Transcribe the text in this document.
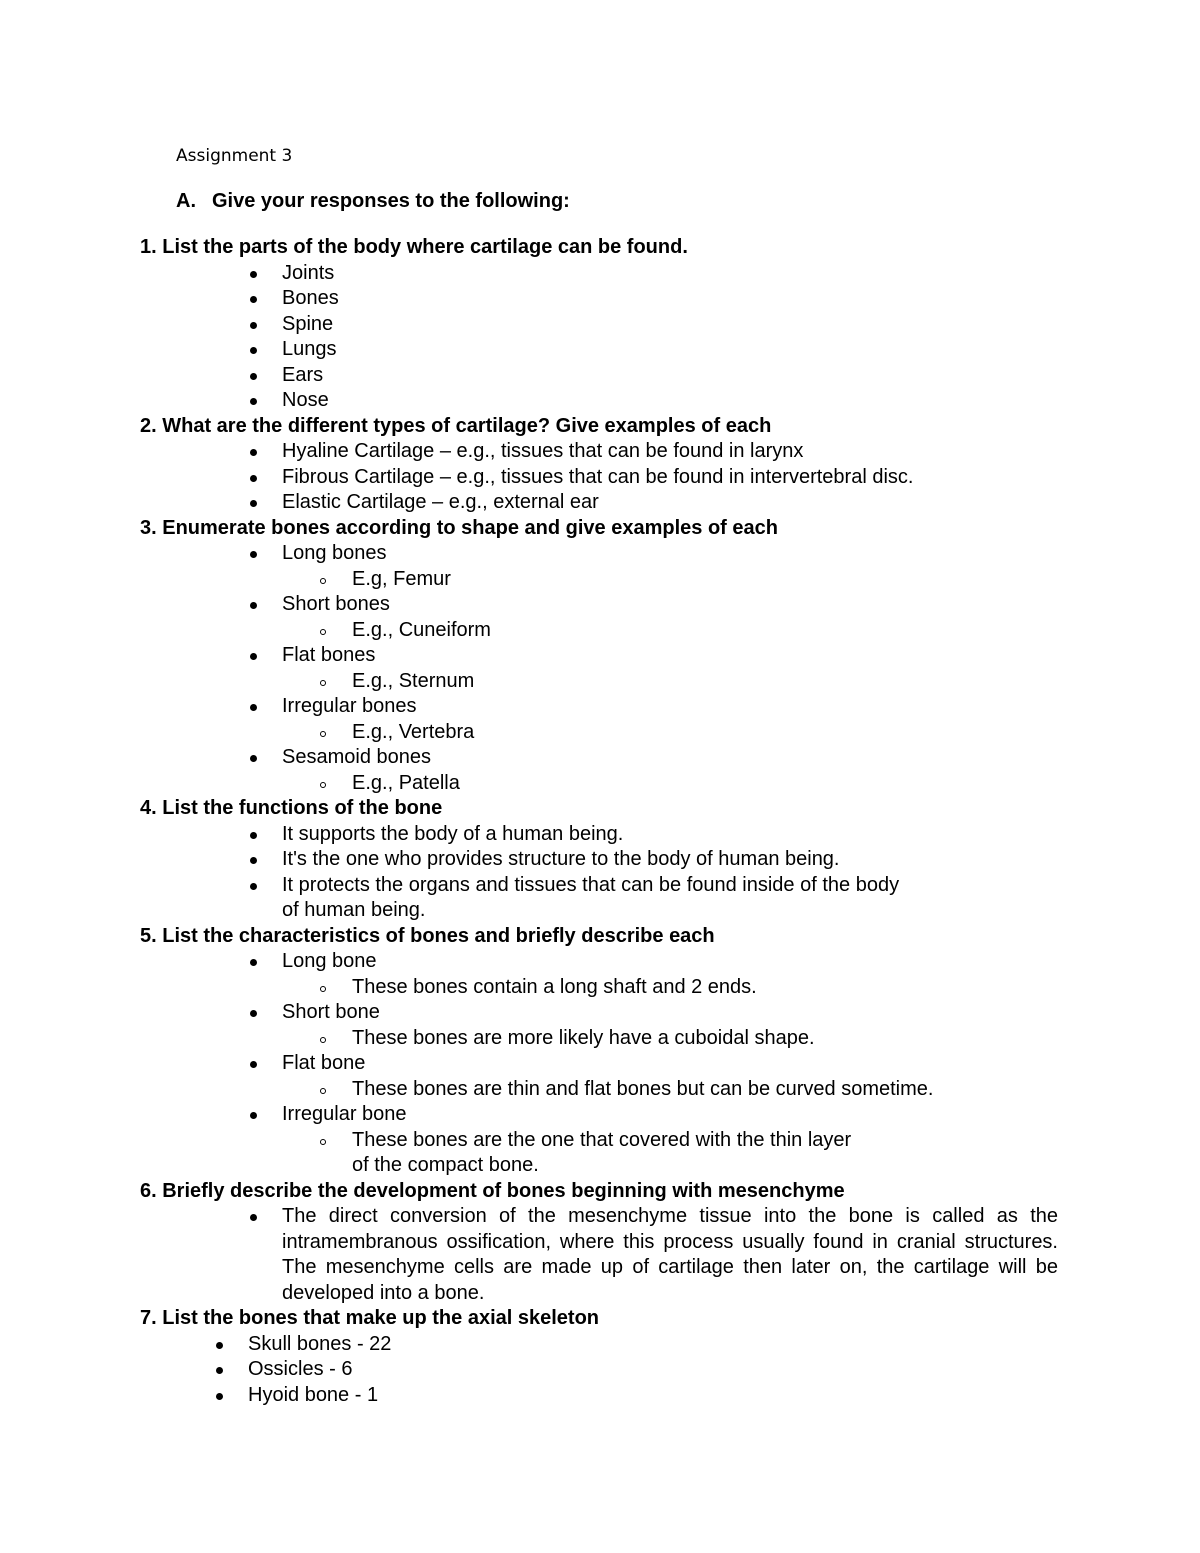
Assignment 3
A. Give your responses to the following:
1. List the parts of the body where cartilage can be found.
Joints
Bones
Spine
Lungs
Ears
Nose
2. What are the different types of cartilage? Give examples of each
Hyaline Cartilage – e.g., tissues that can be found in larynx
Fibrous Cartilage – e.g., tissues that can be found in intervertebral disc.
Elastic Cartilage – e.g., external ear
3. Enumerate bones according to shape and give examples of each
Long bones
E.g, Femur
Short bones
E.g., Cuneiform
Flat bones
E.g., Sternum
Irregular bones
E.g., Vertebra
Sesamoid bones
E.g., Patella
4. List the functions of the bone
It supports the body of a human being.
It's the one who provides structure to the body of human being.
It protects the organs and tissues that can be found inside of the body of human being.
5. List the characteristics of bones and briefly describe each
Long bone
These bones contain a long shaft and 2 ends.
Short bone
These bones are more likely have a cuboidal shape.
Flat bone
These bones are thin and flat bones but can be curved sometime.
Irregular bone
These bones are the one that covered with the thin layer of the compact bone.
6. Briefly describe the development of bones beginning with mesenchyme
The direct conversion of the mesenchyme tissue into the bone is called as the intramembranous ossification, where this process usually found in cranial structures. The mesenchyme cells are made up of cartilage then later on, the cartilage will be developed into a bone.
7. List the bones that make up the axial skeleton
Skull bones - 22
Ossicles - 6
Hyoid bone - 1
